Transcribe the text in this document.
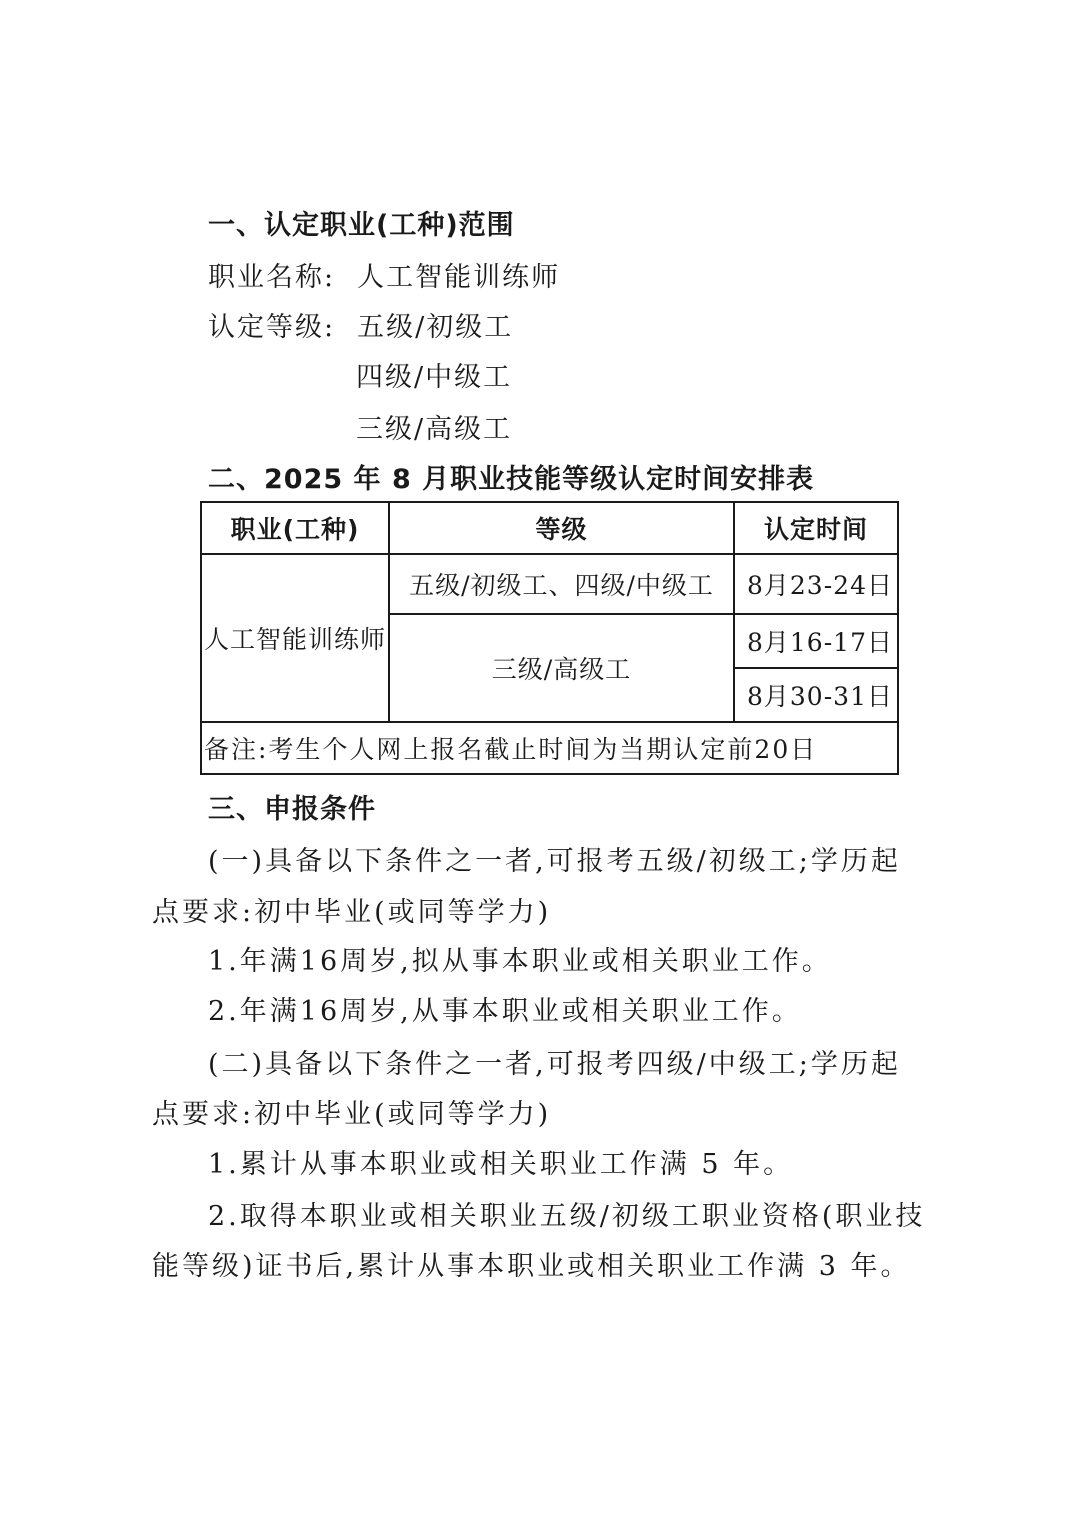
一、认定职业(工种)范围
职业名称: 人工智能训练师
认定等级: 五级/初级工
四级/中级工
三级/高级工
二、2025 年 8 月职业技能等级认定时间安排表
职业(工种)	等级	认定时间
人工智能训练师	五级/初级工、四级/中级工	8月23-24日
	三级/高级工	8月16-17日
		8月30-31日
备注:考生个人网上报名截止时间为当期认定前20日		
三、申报条件
(一)具备以下条件之一者,可报考五级/初级工;学历起
点要求:初中毕业(或同等学力)
1.年满16周岁,拟从事本职业或相关职业工作。
2.年满16周岁,从事本职业或相关职业工作。
(二)具备以下条件之一者,可报考四级/中级工;学历起
点要求:初中毕业(或同等学力)
1.累计从事本职业或相关职业工作满 5 年。
2.取得本职业或相关职业五级/初级工职业资格(职业技
能等级)证书后,累计从事本职业或相关职业工作满 3 年。
